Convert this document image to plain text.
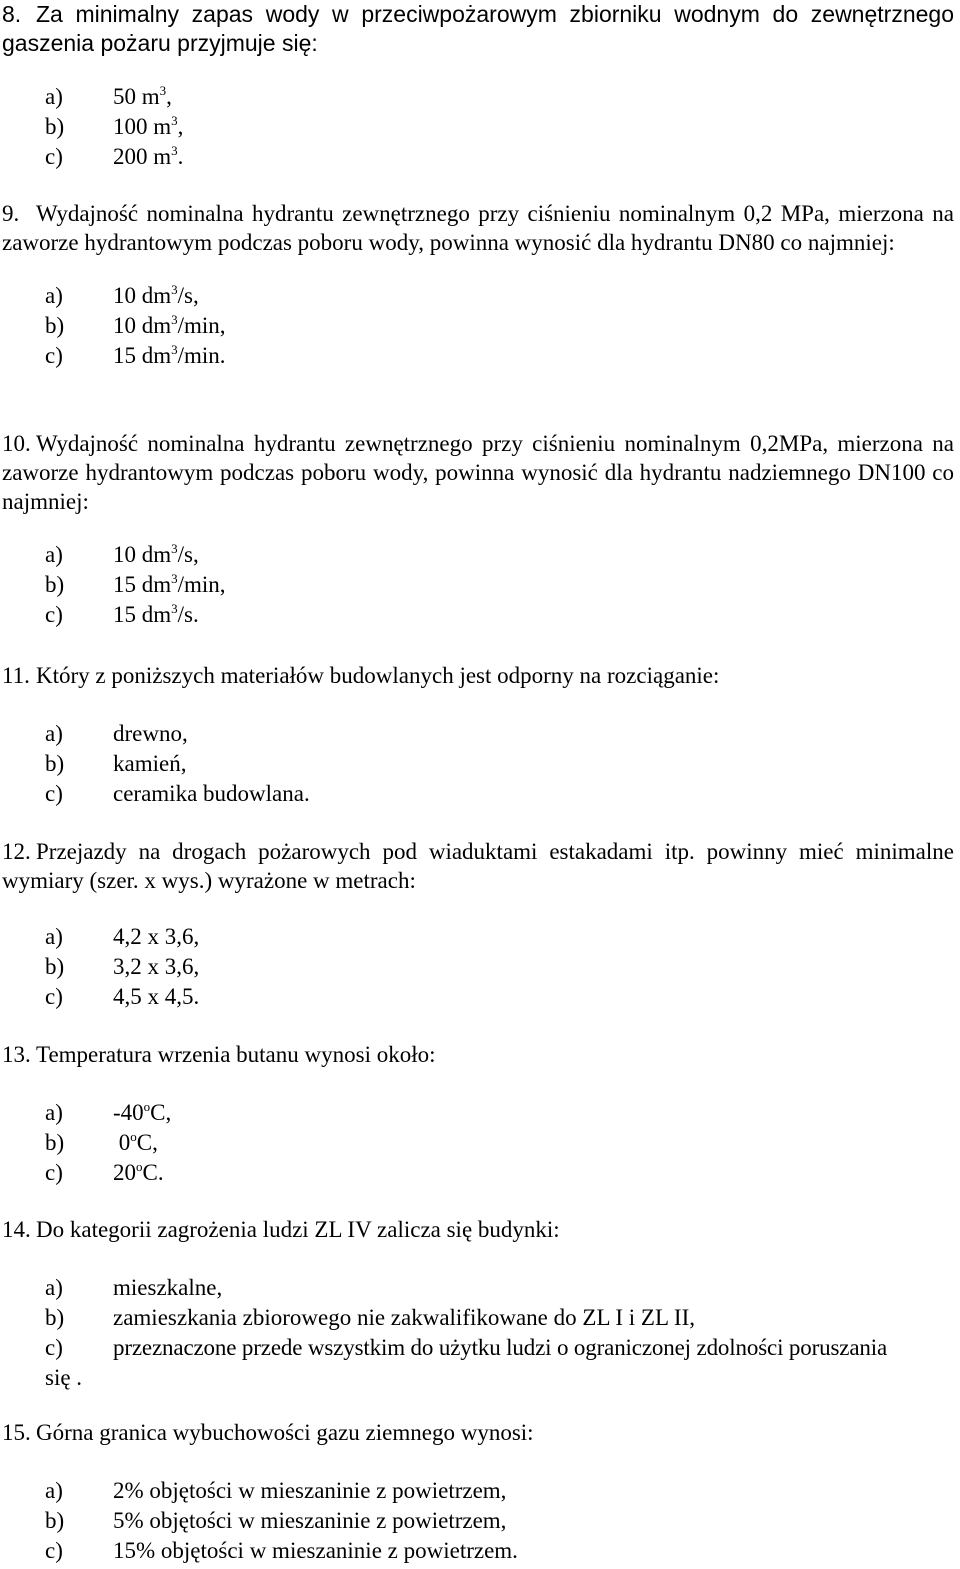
8. Za minimalny zapas wody w przeciwpożarowym zbiorniku wodnym do zewnętrznego gaszenia pożaru przyjmuje się:

a) 50 $m^3$,
b) 100 $m^3$,
c) 200 $m^3$.

9. Wydajność nominalna hydrantu zewnętrznego przy ciśnieniu nominalnym 0,2 MPa, mierzona na zaworze hydrantowym podczas poboru wody, powinna wynosić dla hydrantu DN80 co najmniej:

a) 10 $dm^3/s$,
b) 10 $dm^3/\min$,
c) 15 $dm^3/\min$.

10. Wydajność nominalna hydrantu zewnętrznego przy ciśnieniu nominalnym 0,2MPa, mierzona na zaworze hydrantowym podczas poboru wody, powinna wynosić dla hydrantu nadziemnego DN100 co najmniej:

a) 10 $dm^3/s$,
b) 15 $dm^3/\min$,
c) 15 $dm^3/s$.

11. Który z poniższych materiałów budowlanych jest odporny na rozciąganie:

a) drewno,
b) kamień,
c) ceramika budowlana.

12. Przejazdy na drogach pożarowych pod wiaduktami estakadami itp. powinny mieć minimalne wymiary (szer. x wys.) wyrażone w metrach:

a) 4,2 x 3,6,
b) 3,2 x 3,6,
c) 4,5 x 4,5.

13. Temperatura wrzenia butanu wynosi około:

a) -40$^o$C,
b) 0$^o$C,
c) 20$^o$C.

14. Do kategorii zagrożenia ludzi ZL IV zalicza się budynki:

a) mieszkalne,
b) zamieszkania zbiorowego nie zakwalifikowane do ZL I i ZL II,
c) przeznaczone przede wszystkim do użytku ludzi o ograniczonej zdolności poruszania
się .

15. Górna granica wybuchowości gazu ziemnego wynosi:

a) 2% objętości w mieszaninie z powietrzem,
b) 5% objętości w mieszaninie z powietrzem,
c) 15% objętości w mieszaninie z powietrzem.
